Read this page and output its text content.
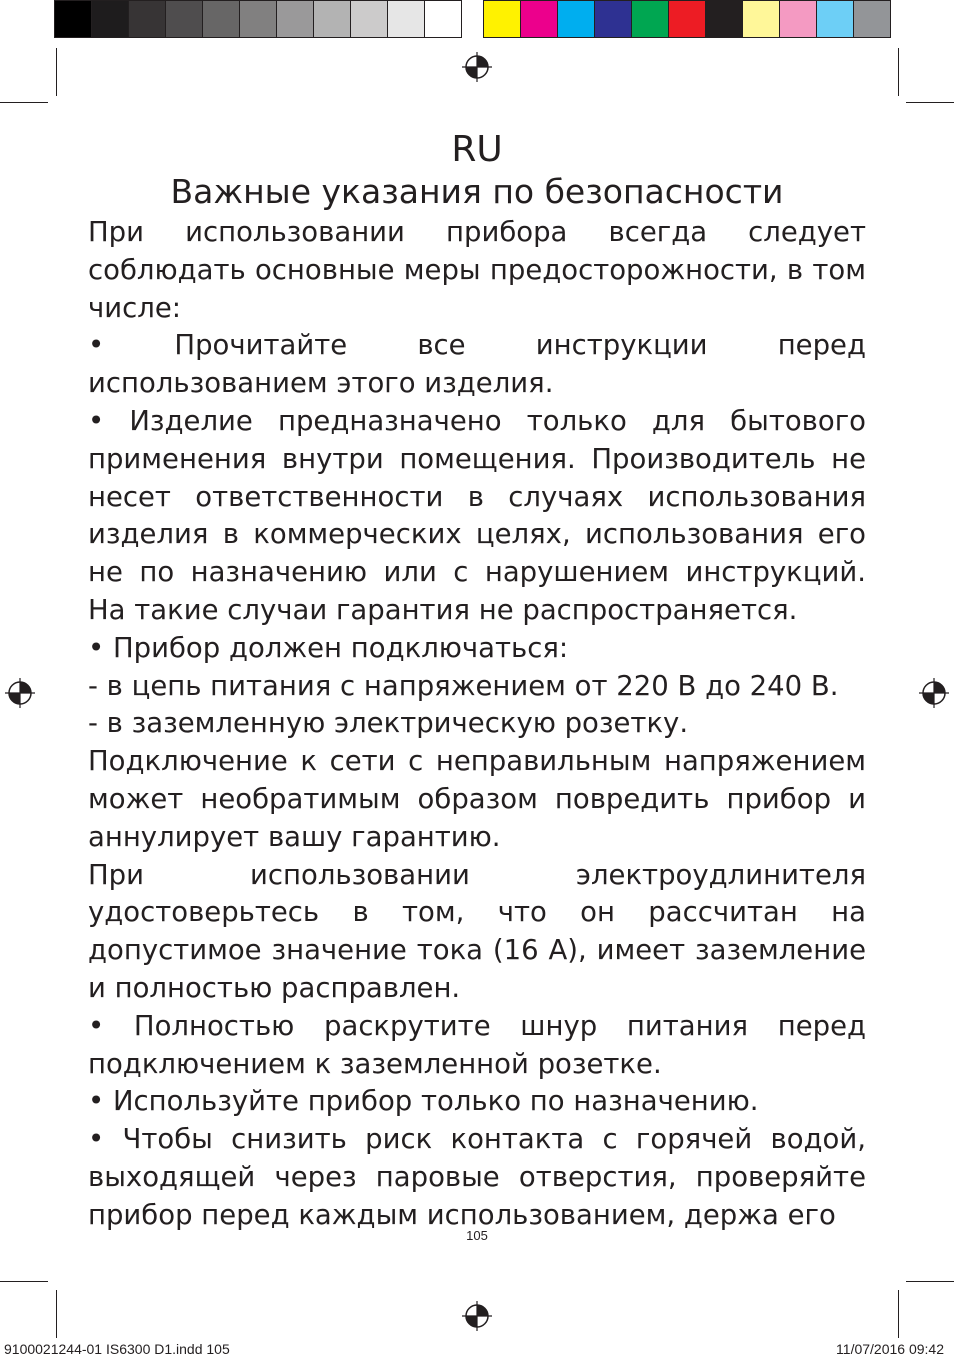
RU
Важные указания по безопасности

При использовании прибора всегда следует соблюдать основные меры предосторожности, в том числе:

• Прочитайте все инструкции перед использованием этого изделия.

• Изделие предназначено только для бытового применения внутри помещения. Производитель не несет ответственности в случаях использования изделия в коммерческих целях, использования его не по назначению или с нарушением инструкций. На такие случаи гарантия не распространяется.

• Прибор должен подключаться:

- в цепь питания с напряжением от 220 В до 240 В.

- в заземленную электрическую розетку.

Подключение к сети с неправильным напряжением может необратимым образом повредить прибор и аннулирует вашу гарантию.

При использовании электроудлинителя удостоверьтесь в том, что он рассчитан на допустимое значение тока (16 А), имеет заземление и полностью расправлен.

• Полностью раскрутите шнур питания перед подключением к заземленной розетке.

• Используйте прибор только по назначению.

• Чтобы снизить риск контакта с горячей водой, выходящей через паровые отверстия, проверяйте прибор перед каждым использованием, держа его

105
9100021244-01 IS6300 D1.indd 105	11/07/2016 09:42
